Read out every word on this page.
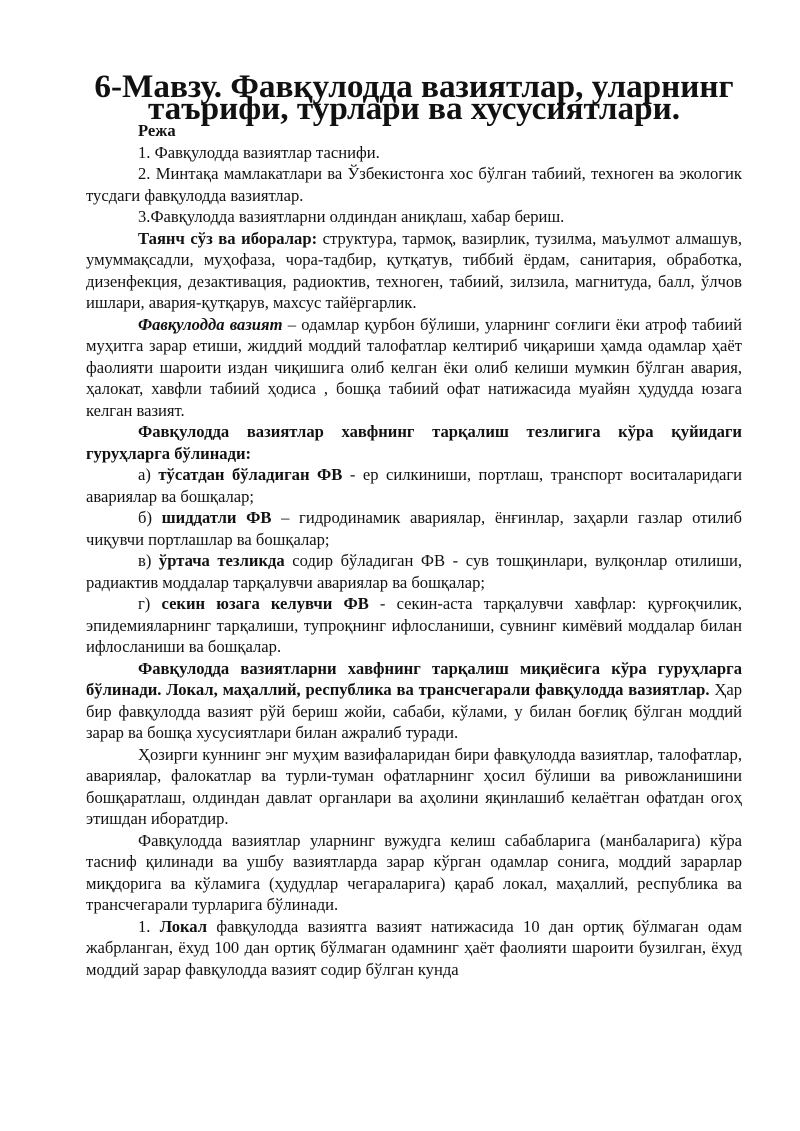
6-Мавзу. Фавқулодда вазиятлар, уларнинг таърифи, турлари ва хусусиятлари.

Режа

1. Фавқулодда вазиятлар таснифи.

2. Минтақа мамлакатлари ва Ўзбекистонга хос бўлган табиий, техноген ва экологик тусдаги фавқулодда вазиятлар.

3.Фавқулодда вазиятларни олдиндан аниқлаш, хабар бериш.

Таянч сўз ва иборалар: структура, тармоқ, вазирлик, тузилма, маъулмот алмашув, умуммақсадли, муҳофаза, чора-тадбир, қутқатув, тиббий ёрдам, санитария, обработка, дизенфекция, дезактивация, радиоктив, техноген, табиий, зилзила, магнитуда, балл, ўлчов ишлари, авария-қутқарув, махсус тайёргарлик.

Фавқулодда вазият – одамлар қурбон бўлиши, уларнинг соғлиги ёки атроф табиий муҳитга зарар етиши, жиддий моддий талофатлар келтириб чиқариши ҳамда одамлар ҳаёт фаолияти шароити издан чиқишига олиб келган ёки олиб келиши мумкин бўлган авария, ҳалокат, хавфли табиий ҳодиса , бошқа табиий офат натижасида муайян ҳудудда юзага келган вазият.

Фавқулодда вазиятлар хавфнинг тарқалиш тезлигига кўра қуйидаги гуруҳларга бўлинади:

а) тўсатдан бўладиган ФВ - ер силкиниши, портлаш, транспорт воситаларидаги авариялар ва бошқалар;

б) шиддатли ФВ – гидродинамик авариялар, ёнғинлар, заҳарли газлар отилиб чиқувчи портлашлар ва бошқалар;

в) ўртача тезликда содир бўладиган ФВ - сув тошқинлари, вулқонлар отилиши, радиактив моддалар тарқалувчи авариялар ва бошқалар;

г) секин юзага келувчи ФВ - секин-аста тарқалувчи хавфлар: қурғоқчилик, эпидемияларнинг тарқалиши, тупроқнинг ифлосланиши, сувнинг кимёвий моддалар билан ифлосланиши ва бошқалар.

Фавқулодда вазиятларни хавфнинг тарқалиш миқиёсига кўра гуруҳларга бўлинади. Локал, маҳаллий, республика ва трансчегарали фавқулодда вазиятлар. Ҳар бир фавқулодда вазият рўй бериш жойи, сабаби, кўлами, у билан боғлиқ бўлган моддий зарар ва бошқа хусусиятлари билан ажралиб туради.

Ҳозирги куннинг энг муҳим вазифаларидан бири фавқулодда вазиятлар, талофатлар, авариялар, фалокатлар ва турли-туман офатларнинг ҳосил бўлиши ва ривожланишини бошқаратлаш, олдиндан давлат органлари ва аҳолини яқинлашиб келаётган офатдан огоҳ этишдан иборатдир.

Фавқулодда вазиятлар уларнинг вужудга келиш сабабларига (манбаларига) кўра тасниф қилинади ва ушбу вазиятларда зарар кўрган одамлар сонига, моддий зарарлар миқдорига ва кўламига (ҳудудлар чегараларига) қараб локал, маҳаллий, республика ва трансчегарали турларига бўлинади.

1. Локал фавқулодда вазиятга вазият натижасида 10 дан ортиқ бўлмаган одам жабрланган, ёхуд 100 дан ортиқ бўлмаган одамнинг ҳаёт фаолияти шароити бузилган, ёхуд моддий зарар фавқулодда вазият содир бўлган кунда
